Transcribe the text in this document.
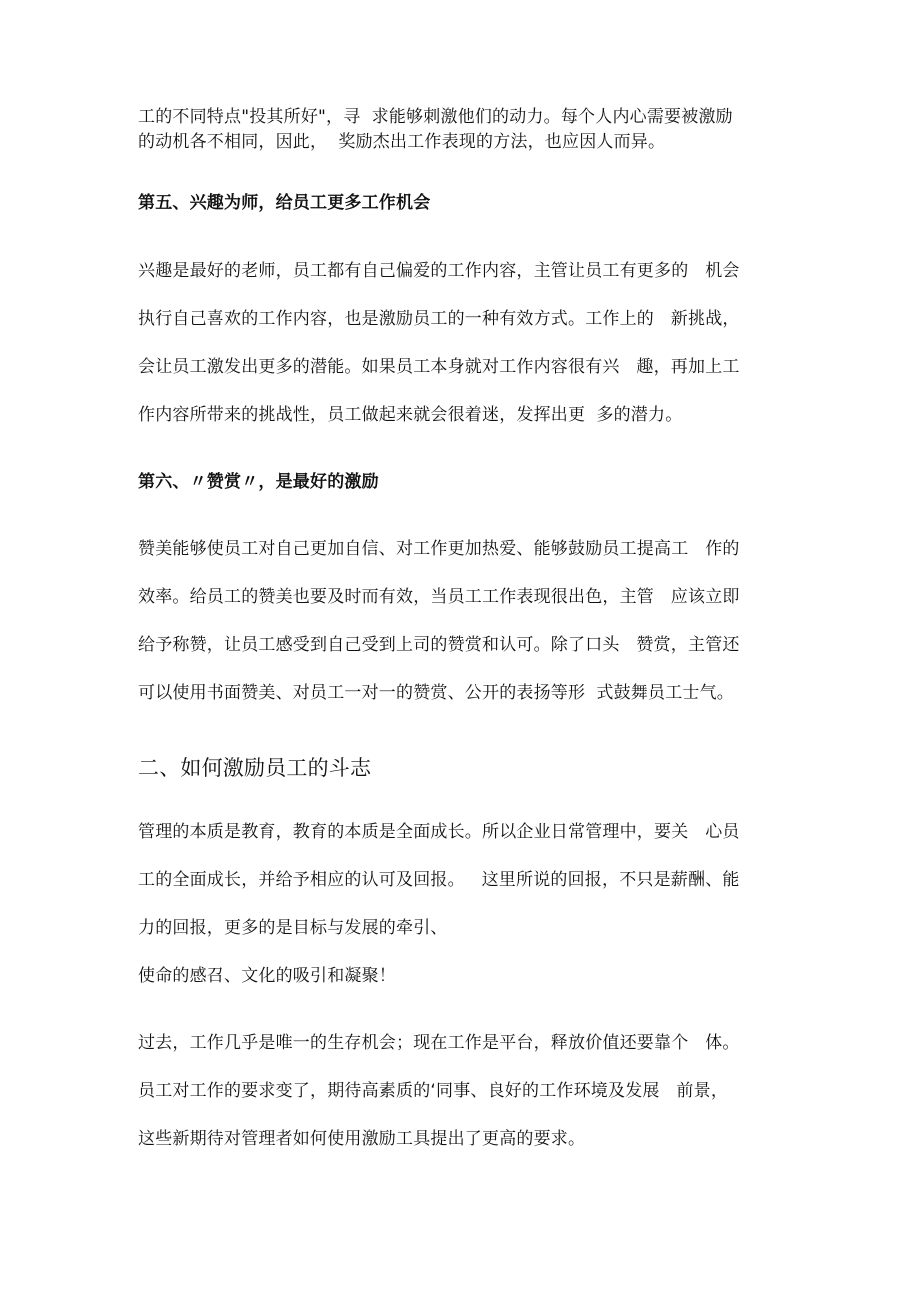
工的不同特点"投其所好"，寻  求能够刺激他们的动力。每个人内心需要被激励
的动机各不相同，因此，  奖励杰出工作表现的方法，也应因人而异。
第五、兴趣为师，给员工更多工作机会
兴趣是最好的老师，员工都有自己偏爱的工作内容，主管让员工有更多的   机会
执行自己喜欢的工作内容，也是激励员工的一种有效方式。工作上的   新挑战，
会让员工激发出更多的潜能。如果员工本身就对工作内容很有兴   趣，再加上工
作内容所带来的挑战性，员工做起来就会很着迷，发挥出更  多的潜力。
第六、〃赞赏〃，是最好的激励
赞美能够使员工对自己更加自信、对工作更加热爱、能够鼓励员工提高工   作的
效率。给员工的赞美也要及时而有效，当员工工作表现很出色，主管   应该立即
给予称赞，让员工感受到自己受到上司的赞赏和认可。除了口头   赞赏，主管还
可以使用书面赞美、对员工一对一的赞赏、公开的表扬等形  式鼓舞员工士气。
二、如何激励员工的斗志
管理的本质是教育，教育的本质是全面成长。所以企业日常管理中，要关   心员
工的全面成长，并给予相应的认可及回报。   这里所说的回报，不只是薪酬、能
力的回报，更多的是目标与发展的牵引、
使命的感召、文化的吸引和凝聚！
过去，工作几乎是唯一的生存机会；现在工作是平台，释放价值还要靠个   体。
员工对工作的要求变了，期待高素质的‘同事、良好的工作环境及发展   前景，
这些新期待对管理者如何使用激励工具提出了更高的要求。
